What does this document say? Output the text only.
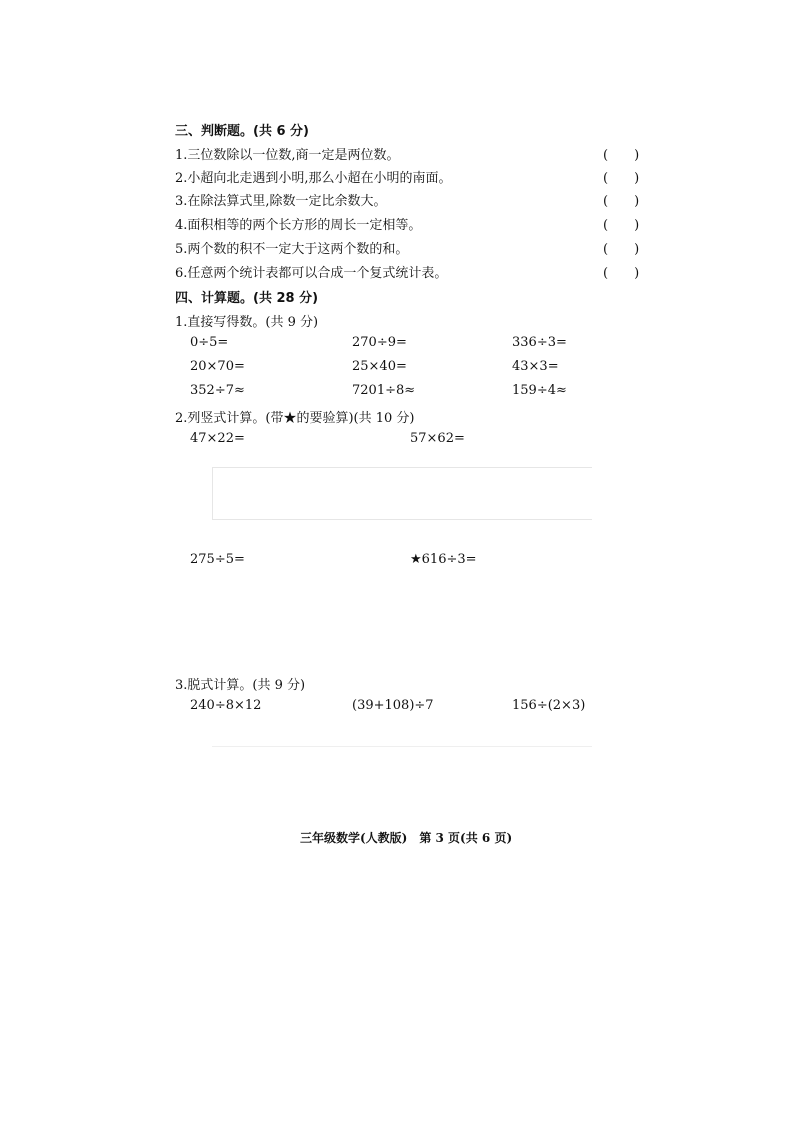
三、判断题。(共 6 分)
1.三位数除以一位数,商一定是两位数。	(　　)
2.小超向北走遇到小明,那么小超在小明的南面。	(　　)
3.在除法算式里,除数一定比余数大。	(　　)
4.面积相等的两个长方形的周长一定相等。	(　　)
5.两个数的积不一定大于这两个数的和。	(　　)
6.任意两个统计表都可以合成一个复式统计表。	(　　)
四、计算题。(共 28 分)
1.直接写得数。(共 9 分)
0÷5=	270÷9=	336÷3=
20×70=	25×40=	43×3=
352÷7≈	7201÷8≈	159÷4≈
2.列竖式计算。(带★的要验算)(共 10 分)
47×22=	57×62=
275÷5=	★616÷3=
3.脱式计算。(共 9 分)
240÷8×12	(39+108)÷7	156÷(2×3)
三年级数学(人教版)　第 3 页(共 6 页)
